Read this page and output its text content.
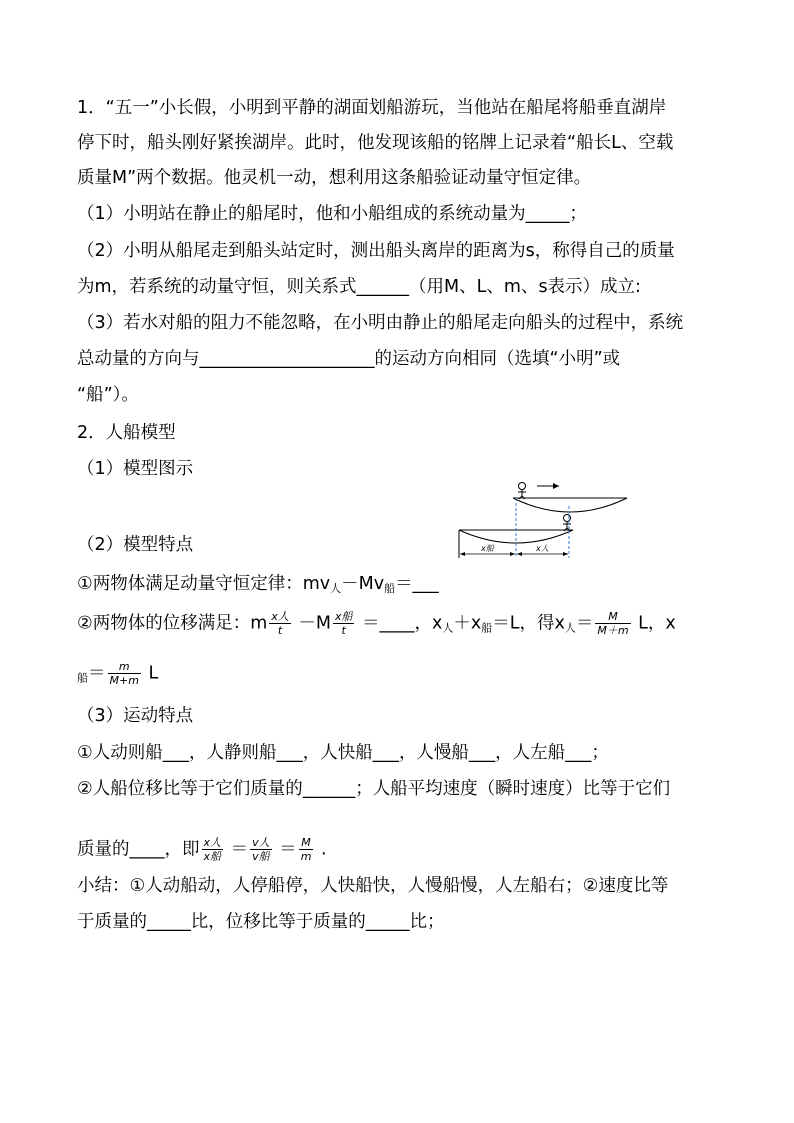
1．“五一”小长假，小明到平静的湖面划船游玩，当他站在船尾将船垂直湖岸
停下时，船头刚好紧挨湖岸。此时，他发现该船的铭牌上记录着“船长L、空载
质量M”两个数据。他灵机一动，想利用这条船验证动量守恒定律。
（1）小明站在静止的船尾时，他和小船组成的系统动量为_____；
（2）小明从船尾走到船头站定时，测出船头离岸的距离为s，称得自己的质量
为m，若系统的动量守恒，则关系式______（用M、L、m、s表示）成立:
（3）若水对船的阻力不能忽略，在小明由静止的船尾走向船头的过程中，系统
总动量的方向与____________________的运动方向相同（选填“小明”或
“船”）。
2．人船模型
（1）模型图示
x船	x人
（2）模型特点
①两物体满足动量守恒定律：$mv_人-Mv_船=\_\_\_$
②两物体的位移满足：m $\frac{\text{x人}}{t} -M \frac{\text{x船}}{t}$ ＝____，$x_人+x_船=L$，得$x_人= \frac{M}{M+m}$ L，x
$_船= \frac{m}{M+m}$ L
（3）运动特点
①人动则船___，人静则船___，人快船___，人慢船___，人左船___；
②人船位移比等于它们质量的______；人船平均速度（瞬时速度）比等于它们
质量的____，即 $\frac{\text{x人}}{\text{x船}} = \frac{\text{v人}}{\text{v船}} = \frac{M}{m}$ .
小结：①人动船动，人停船停，人快船快，人慢船慢，人左船右；②速度比等
于质量的_____比，位移比等于质量的_____比；
